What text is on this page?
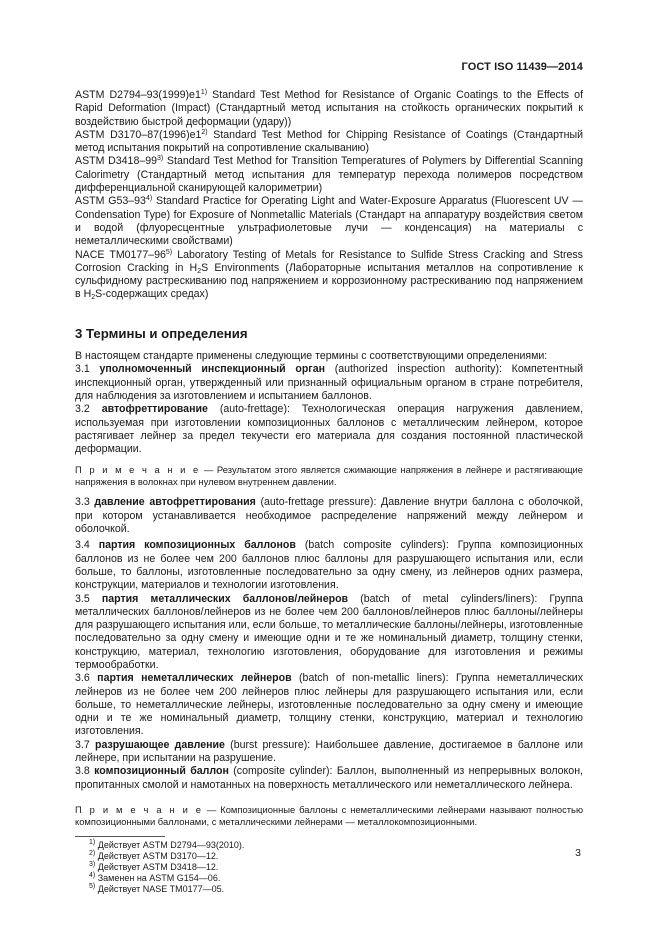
ГОСТ ISO 11439—2014

ASTM D2794–93(1999)e1$^{1)}$ Standard Test Method for Resistance of Organic Coatings to the Effects of Rapid Deformation (Impact) (Стандартный метод испытания на стойкость органических покрытий к воздействию быстрой деформации (удару))

ASTM D3170–87(1996)e1$^{2)}$ Standard Test Method for Chipping Resistance of Coatings (Стандартный метод испытания покрытий на сопротивление скалыванию)

ASTM D3418–99$^{3)}$ Standard Test Method for Transition Temperatures of Polymers by Differential Scanning Calorimetry (Стандартный метод испытания для температур перехода полимеров посредством дифференциальной сканирующей калориметрии)

ASTM G53–93$^{4)}$ Standard Practice for Operating Light and Water-Exposure Apparatus (Fluorescent UV — Condensation Type) for Exposure of Nonmetallic Materials (Стандарт на аппаратуру воздействия светом и водой (флуоресцентные ультрафиолетовые лучи — конденсация) на материалы с неметаллическими свойствами)

NACE TM0177–96$^{5)}$ Laboratory Testing of Metals for Resistance to Sulfide Stress Cracking and Stress Corrosion Cracking in $H_2S$ Environments (Лабораторные испытания металлов на сопротивление к сульфидному растрескиванию под напряжением и коррозионному растрескиванию под напряжением в $H_2S$-содержащих средах)

3 Термины и определения

В настоящем стандарте применены следующие термины с соответствующими определениями:

3.1 уполномоченный инспекционный орган (authorized inspection authority): Компетентный инспекционный орган, утвержденный или признанный официальным органом в стране потребителя, для наблюдения за изготовлением и испытанием баллонов.

3.2 автофреттирование (auto-frettage): Технологическая операция нагружения давлением, используемая при изготовлении композиционных баллонов с металлическим лейнером, которое растягивает лейнер за предел текучести его материала для создания постоянной пластической деформации.

П р и м е ч а н и е — Результатом этого является сжимающие напряжения в лейнере и растягивающие напряжения в волокнах при нулевом внутреннем давлении.

3.3 давление автофреттирования (auto-frettage pressure): Давление внутри баллона с оболочкой, при котором устанавливается необходимое распределение напряжений между лейнером и оболочкой.

3.4 партия композиционных баллонов (batch composite cylinders): Группа композиционных баллонов из не более чем 200 баллонов плюс баллоны для разрушающего испытания или, если больше, то баллоны, изготовленные последовательно за одну смену, из лейнеров одних размера, конструкции, материалов и технологии изготовления.

3.5 партия металлических баллонов/лейнеров (batch of metal cylinders/liners): Группа металлических баллонов/лейнеров из не более чем 200 баллонов/лейнеров плюс баллоны/лейнеры для разрушающего испытания или, если больше, то металлические баллоны/лейнеры, изготовленные последовательно за одну смену и имеющие одни и те же номинальный диаметр, толщину стенки, конструкцию, материал, технологию изготовления, оборудование для изготовления и режимы термообработки.

3.6 партия неметаллических лейнеров (batch of non-metallic liners): Группа неметаллических лейнеров из не более чем 200 лейнеров плюс лейнеры для разрушающего испытания или, если больше, то неметаллические лейнеры, изготовленные последовательно за одну смену и имеющие одни и те же номинальный диаметр, толщину стенки, конструкцию, материал и технологию изготовления.

3.7 разрушающее давление (burst pressure): Наибольшее давление, достигаемое в баллоне или лейнере, при испытании на разрушение.

3.8 композиционный баллон (composite cylinder): Баллон, выполненный из непрерывных волокон, пропитанных смолой и намотанных на поверхность металлического или неметаллического лейнера.

П р и м е ч а н и е — Композиционные баллоны с неметаллическими лейнерами называют полностью композиционными баллонами, с металлическими лейнерами — металлокомпозиционными.

$^{1)}$ Действует ASTM D2794—93(2010).

$^{2)}$ Действует ASTM D3170—12.

$^{3)}$ Действует ASTM D3418—12.

$^{4)}$ Заменен на ASTM G154—06.

$^{5)}$ Действует NASE TM0177—05.

3
